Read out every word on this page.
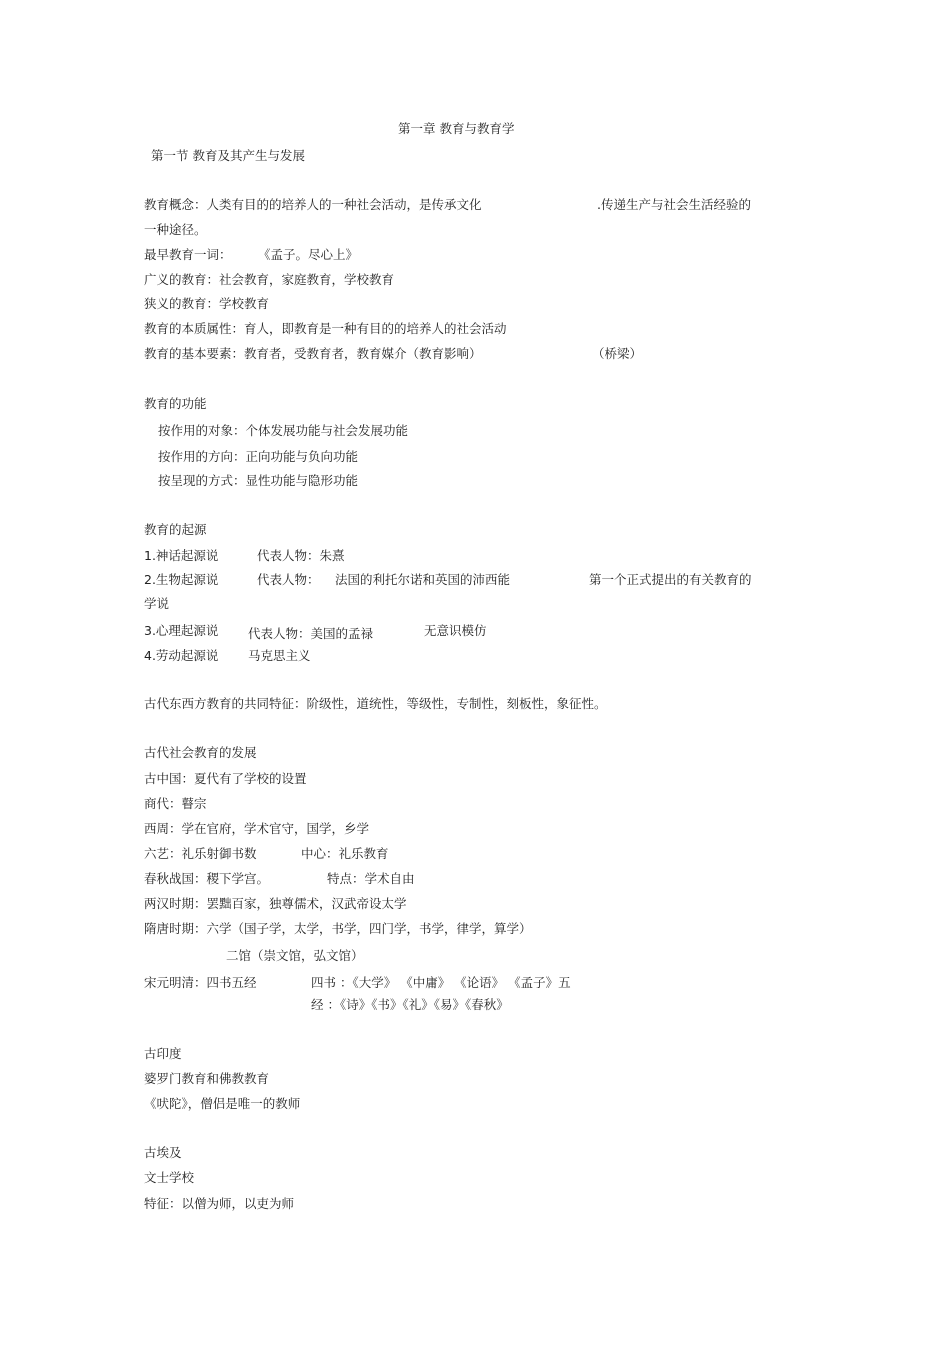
第一章 教育与教育学
第一节 教育及其产生与发展
教育概念：人类有目的的培养人的一种社会活动，是传承文化	.传递生产与社会生活经验的
一种途径。
最早教育一词： 《孟子。尽心上》
广义的教育：社会教育，家庭教育，学校教育
狭义的教育：学校教育
教育的本质属性：育人，即教育是一种有目的的培养人的社会活动
教育的基本要素：教育者，受教育者，教育媒介（教育影响）	（桥梁）
教育的功能
按作用的对象：个体发展功能与社会发展功能
按作用的方向：正向功能与负向功能
按呈现的方式：显性功能与隐形功能
教育的起源
1.神话起源说	代表人物：朱熹
2.生物起源说	代表人物： 法国的利托尔诺和英国的沛西能	第一个正式提出的有关教育的
学说
3.心理起源说 代表人物：美国的孟禄	无意识模仿
4.劳动起源说 马克思主义
古代东西方教育的共同特征：阶级性，道统性，等级性，专制性，刻板性，象征性。
古代社会教育的发展
古中国：夏代有了学校的设置
商代：瞽宗
西周：学在官府，学术官守，国学，乡学
六艺：礼乐射御书数	中心：礼乐教育
春秋战国：稷下学宫。	特点：学术自由
两汉时期：罢黜百家，独尊儒术，汉武帝设太学
隋唐时期：六学（国子学，太学，书学，四门学，书学，律学，算学）
二馆（崇文馆，弘文馆）
宋元明清：四书五经	四书 ：《大学》 《中庸》 《论语》 《孟子》五
经 ：《诗》《书》《礼》《易》《春秋》
古印度
婆罗门教育和佛教教育
《吠陀》，僧侣是唯一的教师
古埃及
文士学校
特征：以僧为师，以吏为师
